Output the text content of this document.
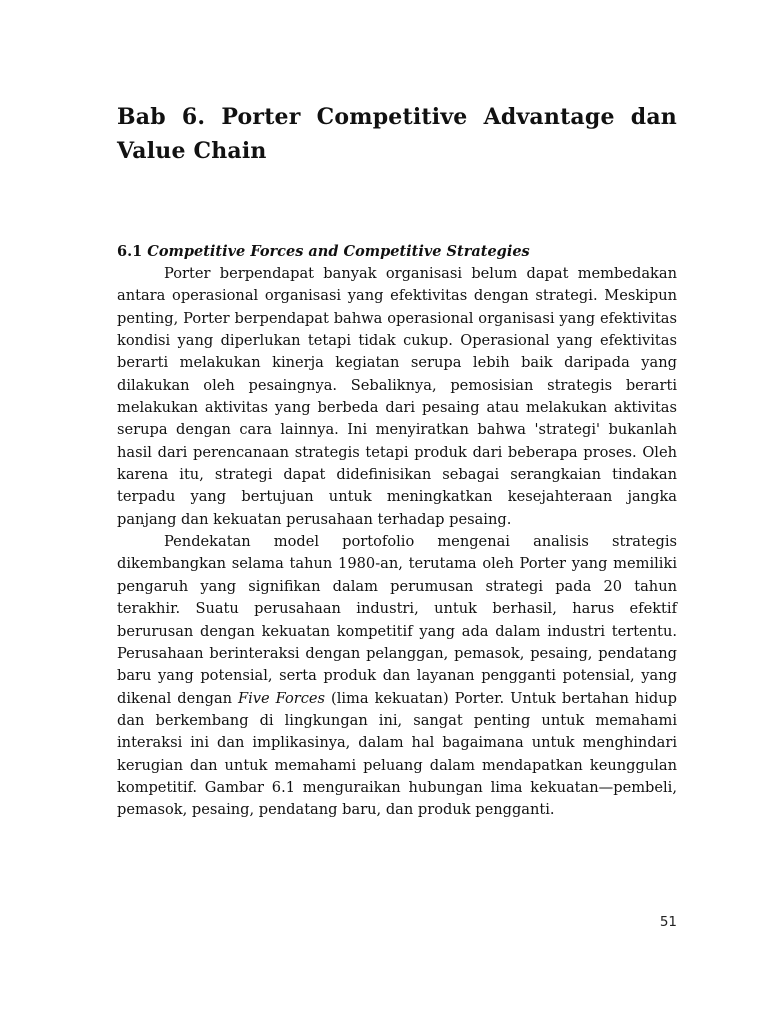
Bab 6. Porter Competitive Advantage dan Value Chain
6.1 Competitive Forces and Competitive Strategies

Porter berpendapat banyak organisasi belum dapat membedakan antara operasional organisasi yang efektivitas dengan strategi. Meskipun penting, Porter berpendapat bahwa operasional organisasi yang efektivitas kondisi yang diperlukan tetapi tidak cukup. Operasional yang efektivitas berarti melakukan kinerja kegiatan serupa lebih baik daripada yang dilakukan oleh pesaingnya. Sebaliknya, pemosisian strategis berarti melakukan aktivitas yang berbeda dari pesaing atau melakukan aktivitas serupa dengan cara lainnya. Ini menyiratkan bahwa 'strategi' bukanlah hasil dari perencanaan strategis tetapi produk dari beberapa proses. Oleh karena itu, strategi dapat didefinisikan sebagai serangkaian tindakan terpadu yang bertujuan untuk meningkatkan kesejahteraan jangka panjang dan kekuatan perusahaan terhadap pesaing.

Pendekatan model portofolio mengenai analisis strategis dikembangkan selama tahun 1980-an, terutama oleh Porter yang memiliki pengaruh yang signifikan dalam perumusan strategi pada 20 tahun terakhir. Suatu perusahaan industri, untuk berhasil, harus efektif berurusan dengan kekuatan kompetitif yang ada dalam industri tertentu. Perusahaan berinteraksi dengan pelanggan, pemasok, pesaing, pendatang baru yang potensial, serta produk dan layanan pengganti potensial, yang dikenal dengan Five Forces (lima kekuatan) Porter. Untuk bertahan hidup dan berkembang di lingkungan ini, sangat penting untuk memahami interaksi ini dan implikasinya, dalam hal bagaimana untuk menghindari kerugian dan untuk memahami peluang dalam mendapatkan keunggulan kompetitif. Gambar 6.1 menguraikan hubungan lima kekuatan—pembeli, pemasok, pesaing, pendatang baru, dan produk pengganti.

51
